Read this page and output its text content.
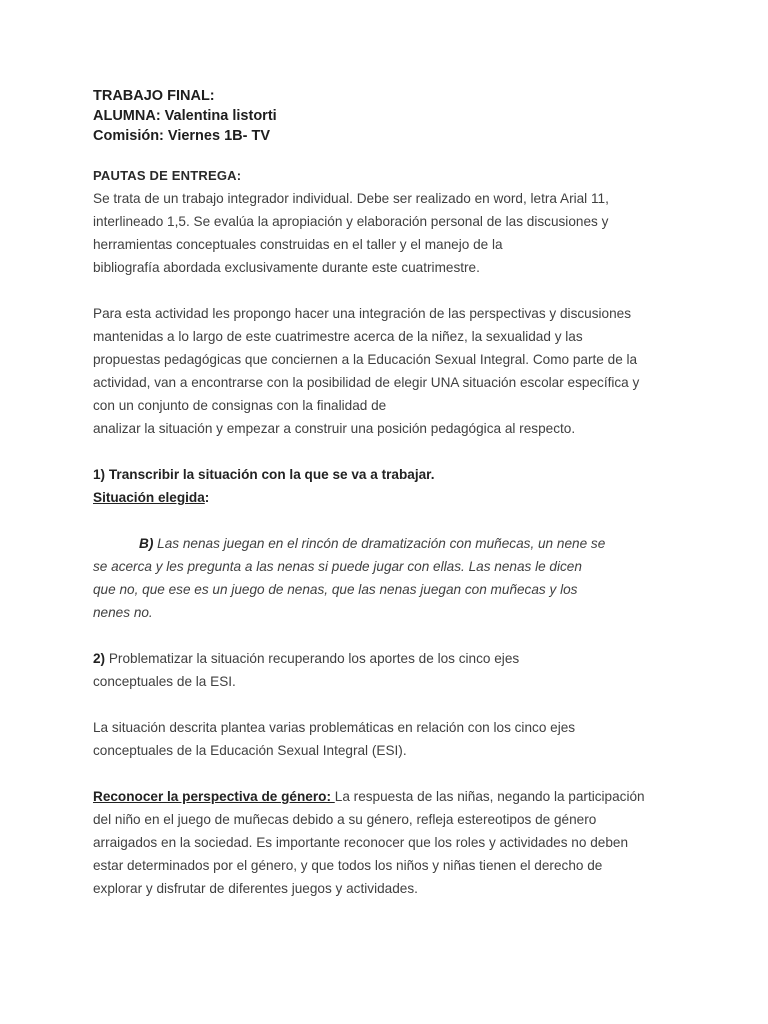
TRABAJO FINAL:
ALUMNA: Valentina listorti
Comisión: Viernes 1B- TV
PAUTAS DE ENTREGA:
Se trata de un trabajo integrador individual. Debe ser realizado en word, letra Arial 11,
interlineado 1,5. Se evalúa la apropiación y elaboración personal de las discusiones y
herramientas conceptuales construidas en el taller y el manejo de la
bibliografía abordada exclusivamente durante este cuatrimestre.
Para esta actividad les propongo hacer una integración de las perspectivas y discusiones
mantenidas a lo largo de este cuatrimestre acerca de la niñez, la sexualidad y las
propuestas pedagógicas que conciernen a la Educación Sexual Integral. Como parte de la
actividad, van a encontrarse con la posibilidad de elegir UNA situación escolar específica y
con un conjunto de consignas con la finalidad de
analizar la situación y empezar a construir una posición pedagógica al respecto.
1) Transcribir la situación con la que se va a trabajar.
Situación elegida:
B) Las nenas juegan en el rincón de dramatización con muñecas, un nene se
se acerca y les pregunta a las nenas si puede jugar con ellas. Las nenas le dicen
que no, que ese es un juego de nenas, que las nenas juegan con muñecas y los
nenes no.
2) Problematizar la situación recuperando los aportes de los cinco ejes
conceptuales de la ESI.
La situación descrita plantea varias problemáticas en relación con los cinco ejes
conceptuales de la Educación Sexual Integral (ESI).
Reconocer la perspectiva de género: La respuesta de las niñas, negando la participación
del niño en el juego de muñecas debido a su género, refleja estereotipos de género
arraigados en la sociedad. Es importante reconocer que los roles y actividades no deben
estar determinados por el género, y que todos los niños y niñas tienen el derecho de
explorar y disfrutar de diferentes juegos y actividades.
